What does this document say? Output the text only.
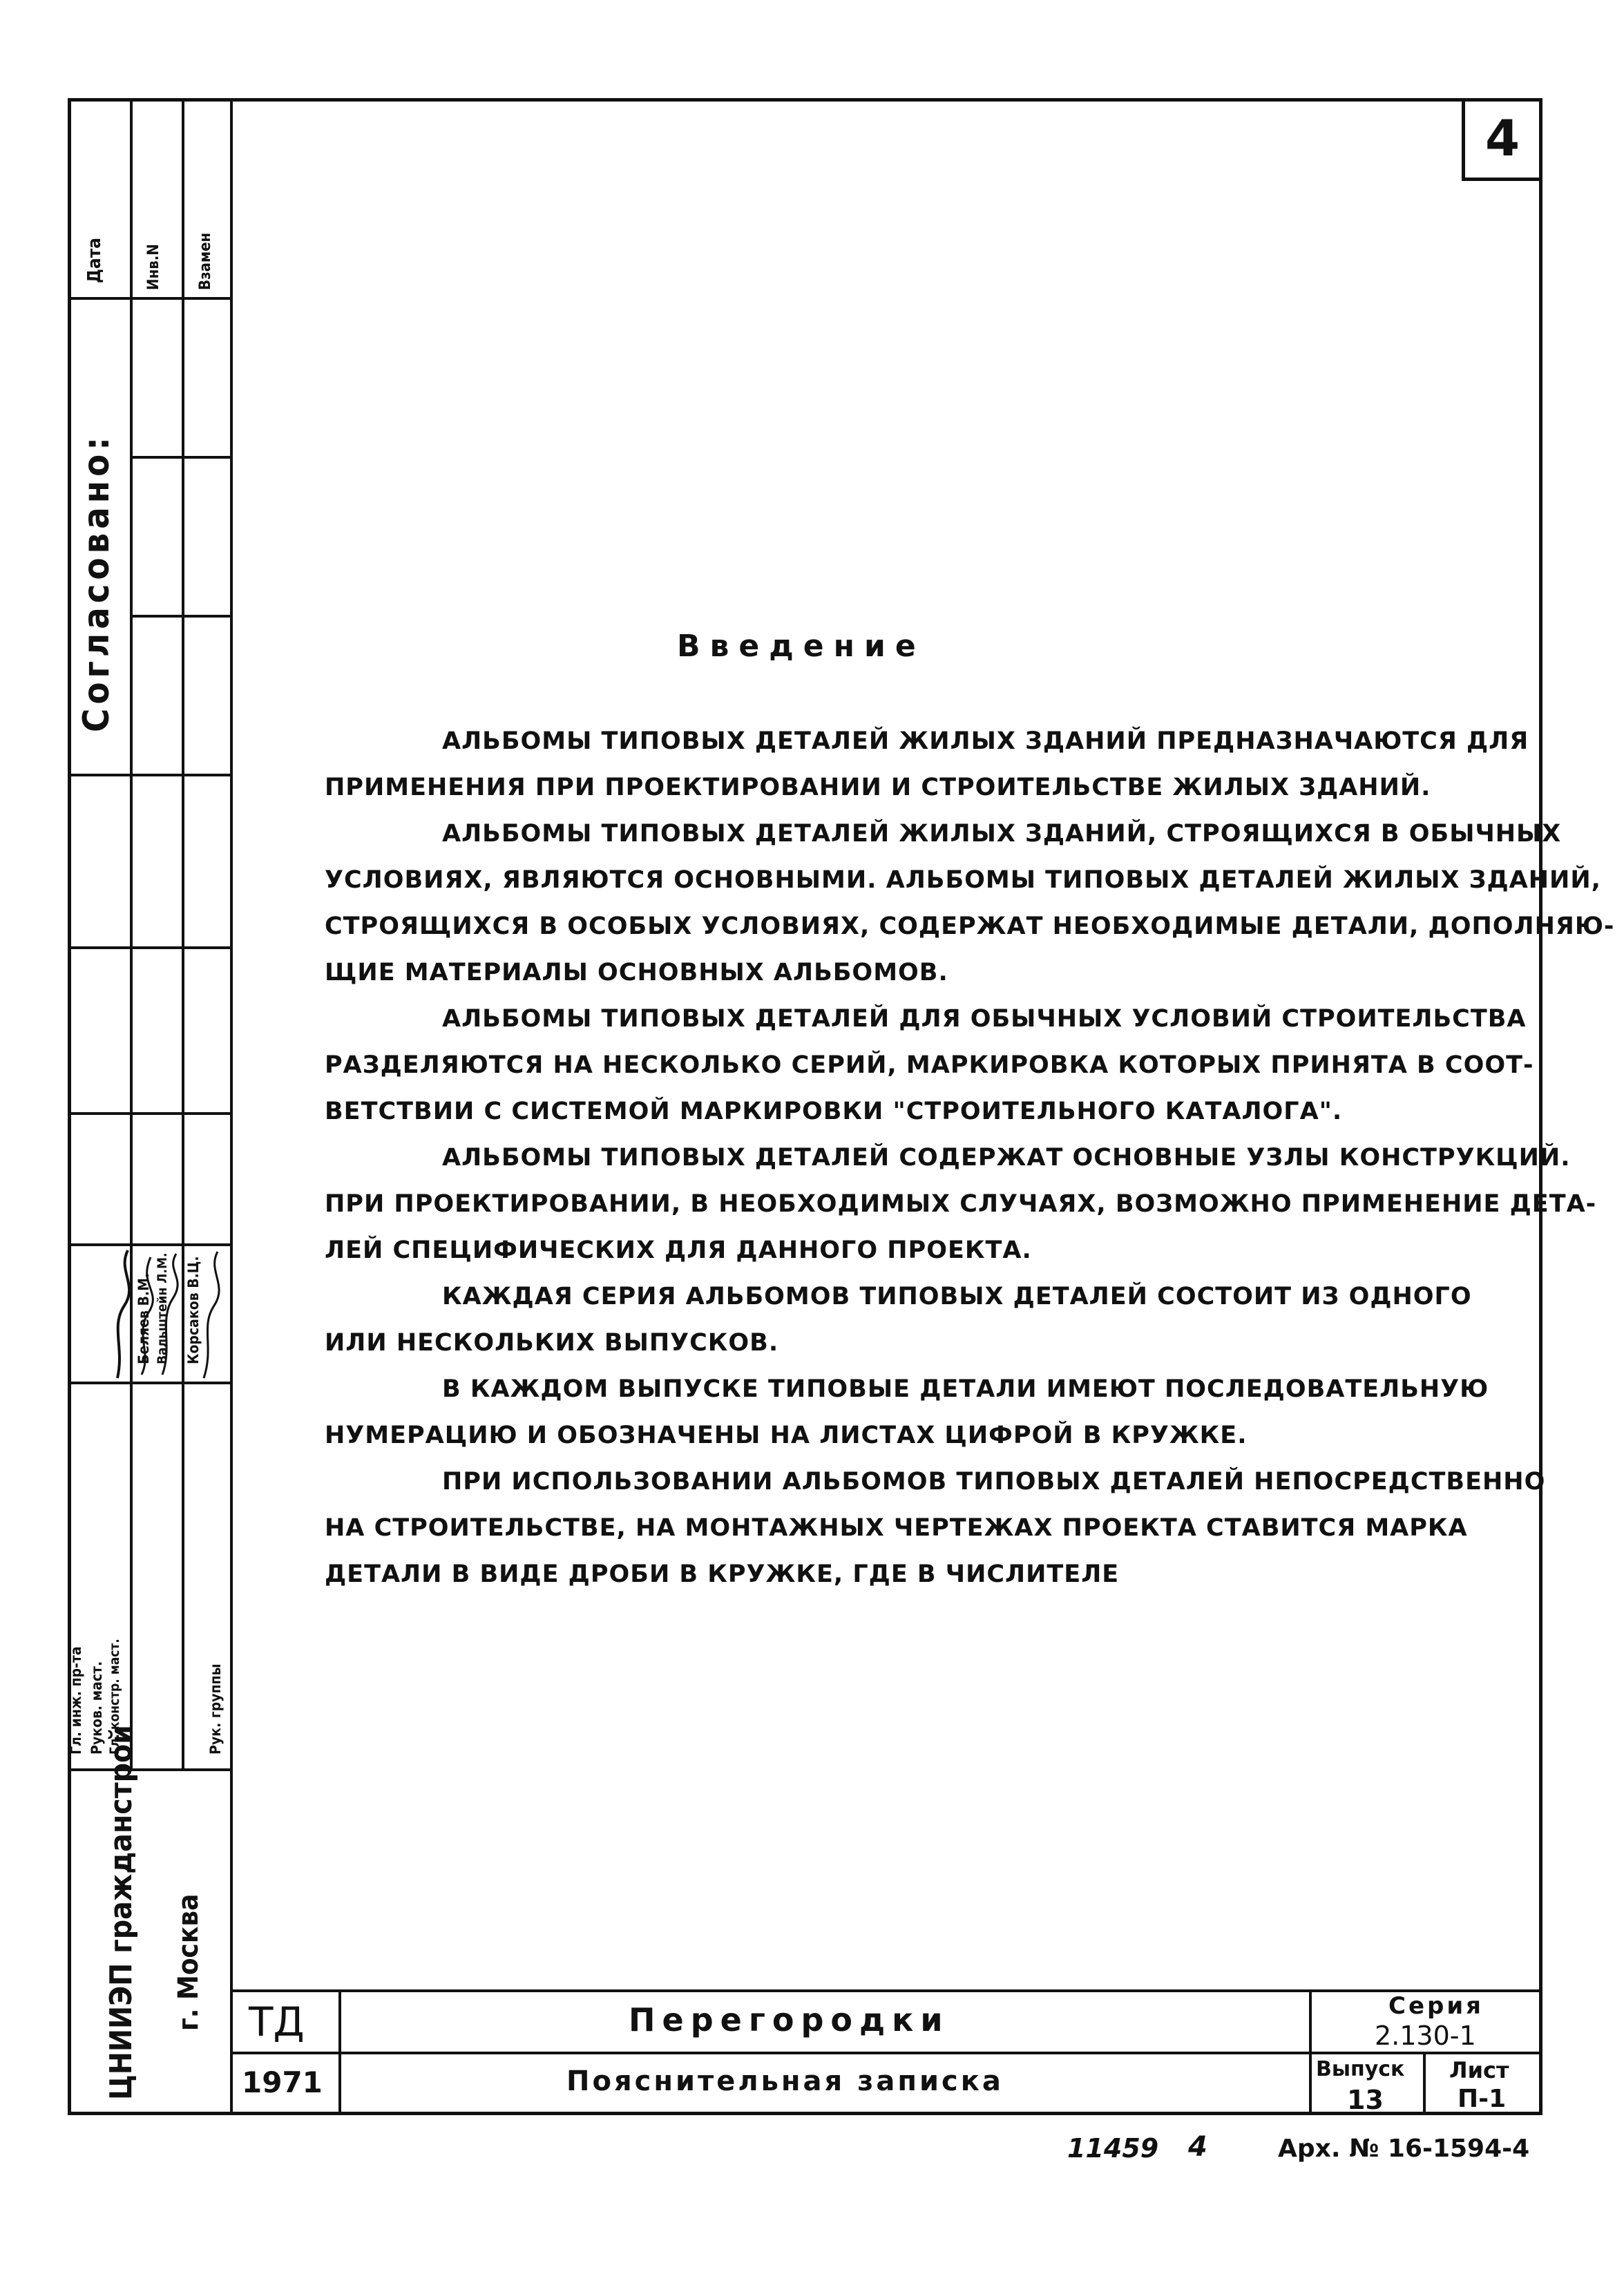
Дата	Инв.N Взамен
Согласовано:
Гл. инж. пр-та Руков. маст. Гл. констр. маст.	Рук. группы
Беляев В.М. Вальштейн Л.М. Корсаков В.Ц.
ЦНИИЭП гражданстрой г. Москва
4
Введение
АЛЬБОМЫ ТИПОВЫХ ДЕТАЛЕЙ ЖИЛЫХ ЗДАНИЙ ПРЕДНАЗНАЧАЮТСЯ ДЛЯ
ПРИМЕНЕНИЯ ПРИ ПРОЕКТИРОВАНИИ И СТРОИТЕЛЬСТВЕ ЖИЛЫХ ЗДАНИЙ.
АЛЬБОМЫ ТИПОВЫХ ДЕТАЛЕЙ ЖИЛЫХ ЗДАНИЙ, СТРОЯЩИХСЯ В ОБЫЧНЫХ
УСЛОВИЯХ, ЯВЛЯЮТСЯ ОСНОВНЫМИ. АЛЬБОМЫ ТИПОВЫХ ДЕТАЛЕЙ ЖИЛЫХ ЗДАНИЙ,
СТРОЯЩИХСЯ В ОСОБЫХ УСЛОВИЯХ, СОДЕРЖАТ НЕОБХОДИМЫЕ ДЕТАЛИ, ДОПОЛНЯЮ-
ЩИЕ МАТЕРИАЛЫ ОСНОВНЫХ АЛЬБОМОВ.
АЛЬБОМЫ ТИПОВЫХ ДЕТАЛЕЙ ДЛЯ ОБЫЧНЫХ УСЛОВИЙ СТРОИТЕЛЬСТВА
РАЗДЕЛЯЮТСЯ НА НЕСКОЛЬКО СЕРИЙ, МАРКИРОВКА КОТОРЫХ ПРИНЯТА В СООТ-
ВЕТСТВИИ С СИСТЕМОЙ МАРКИРОВКИ "СТРОИТЕЛЬНОГО КАТАЛОГА".
АЛЬБОМЫ ТИПОВЫХ ДЕТАЛЕЙ СОДЕРЖАТ ОСНОВНЫЕ УЗЛЫ КОНСТРУКЦИЙ.
ПРИ ПРОЕКТИРОВАНИИ, В НЕОБХОДИМЫХ СЛУЧАЯХ, ВОЗМОЖНО ПРИМЕНЕНИЕ ДЕТА-
ЛЕЙ СПЕЦИФИЧЕСКИХ ДЛЯ ДАННОГО ПРОЕКТА.
КАЖДАЯ СЕРИЯ АЛЬБОМОВ ТИПОВЫХ ДЕТАЛЕЙ СОСТОИТ ИЗ ОДНОГО
ИЛИ НЕСКОЛЬКИХ ВЫПУСКОВ.
В КАЖДОМ ВЫПУСКЕ ТИПОВЫЕ ДЕТАЛИ ИМЕЮТ ПОСЛЕДОВАТЕЛЬНУЮ
НУМЕРАЦИЮ И ОБОЗНАЧЕНЫ НА ЛИСТАХ ЦИФРОЙ В КРУЖКЕ.
ПРИ ИСПОЛЬЗОВАНИИ АЛЬБОМОВ ТИПОВЫХ ДЕТАЛЕЙ НЕПОСРЕДСТВЕННО
НА СТРОИТЕЛЬСТВЕ, НА МОНТАЖНЫХ ЧЕРТЕЖАХ ПРОЕКТА СТАВИТСЯ МАРКА
ДЕТАЛИ В ВИДЕ ДРОБИ В КРУЖКЕ, ГДЕ В ЧИСЛИТЕЛЕ
ТД
1971
Перегородки
Пояснительная записка
Серия
2.130-1
Выпуск
13
Лист
П-1
11459 4	Арх. № 16-1594-4
